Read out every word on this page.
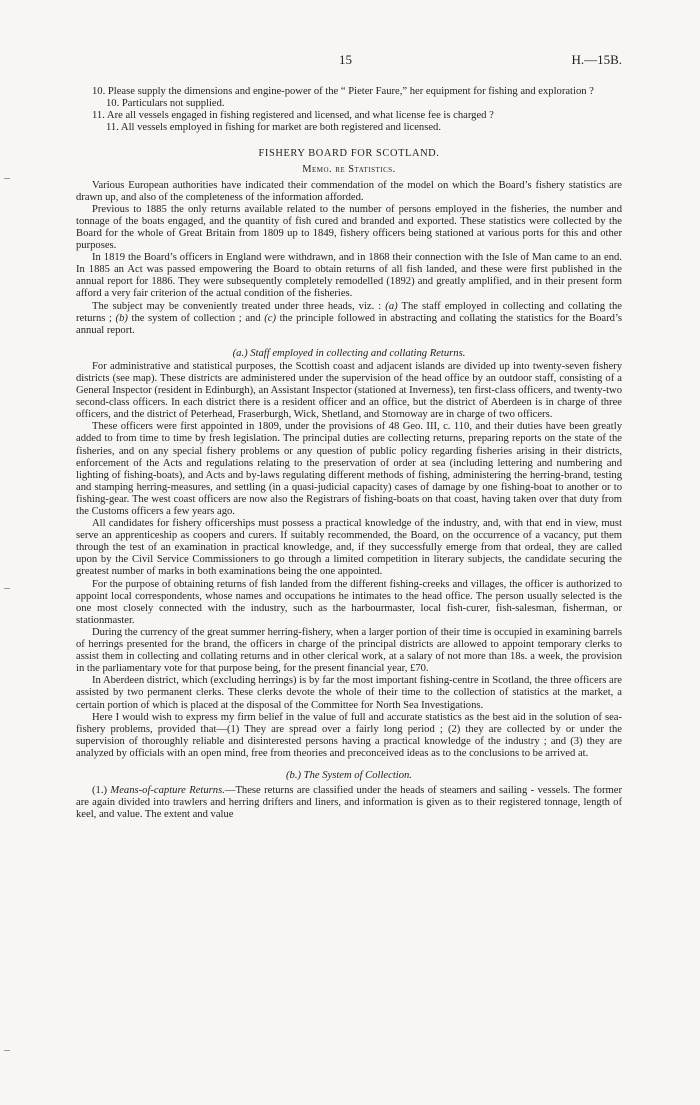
15	H.—15B.

10. Please supply the dimensions and engine-power of the “ Pieter Faure,” her equipment for fishing and exploration ?

10. Particulars not supplied.

11. Are all vessels engaged in fishing registered and licensed, and what license fee is charged ?

11. All vessels employed in fishing for market are both registered and licensed.

FISHERY BOARD FOR SCOTLAND.

Memo. re Statistics.

Various European authorities have indicated their commendation of the model on which the Board’s fishery statistics are drawn up, and also of the completeness of the information afforded.

Previous to 1885 the only returns available related to the number of persons employed in the fisheries, the number and tonnage of the boats engaged, and the quantity of fish cured and branded and exported. These statistics were collected by the Board for the whole of Great Britain from 1809 up to 1849, fishery officers being stationed at various ports for this and other purposes.

In 1819 the Board’s officers in England were withdrawn, and in 1868 their connection with the Isle of Man came to an end. In 1885 an Act was passed empowering the Board to obtain returns of all fish landed, and these were first published in the annual report for 1886. They were subsequently completely remodelled (1892) and greatly amplified, and in their present form afford a very fair criterion of the actual condition of the fisheries.

The subject may be conveniently treated under three heads, viz. : (a) The staff employed in collecting and collating the returns ; (b) the system of collection ; and (c) the principle followed in abstracting and collating the statistics for the Board’s annual report.

(a.) Staff employed in collecting and collating Returns.

For administrative and statistical purposes, the Scottish coast and adjacent islands are divided up into twenty-seven fishery districts (see map). These districts are administered under the supervision of the head office by an outdoor staff, consisting of a General Inspector (resident in Edinburgh), an Assistant Inspector (stationed at Inverness), ten first-class officers, and twenty-two second-class officers. In each district there is a resident officer and an office, but the district of Aberdeen is in charge of three officers, and the district of Peterhead, Fraserburgh, Wick, Shetland, and Stornoway are in charge of two officers.

These officers were first appointed in 1809, under the provisions of 48 Geo. III, c. 110, and their duties have been greatly added to from time to time by fresh legislation. The principal duties are collecting returns, preparing reports on the state of the fisheries, and on any special fishery problems or any question of public policy regarding fisheries arising in their districts, enforcement of the Acts and regulations relating to the preservation of order at sea (including lettering and numbering and lighting of fishing-boats), and Acts and by-laws regulating different methods of fishing, administering the herring-brand, testing and stamping herring-measures, and settling (in a quasi-judicial capacity) cases of damage by one fishing-boat to another or to fishing-gear. The west coast officers are now also the Registrars of fishing-boats on that coast, having taken over that duty from the Customs officers a few years ago.

All candidates for fishery officerships must possess a practical knowledge of the industry, and, with that end in view, must serve an apprenticeship as coopers and curers. If suitably recommended, the Board, on the occurrence of a vacancy, put them through the test of an examination in practical knowledge, and, if they successfully emerge from that ordeal, they are called upon by the Civil Service Commissioners to go through a limited competition in literary subjects, the candidate securing the greatest number of marks in both examinations being the one appointed.

For the purpose of obtaining returns of fish landed from the different fishing-creeks and villages, the officer is authorized to appoint local correspondents, whose names and occupations he intimates to the head office. The person usually selected is the one most closely connected with the industry, such as the harbourmaster, local fish-curer, fish-salesman, fisherman, or stationmaster.

During the currency of the great summer herring-fishery, when a larger portion of their time is occupied in examining barrels of herrings presented for the brand, the officers in charge of the principal districts are allowed to appoint temporary clerks to assist them in collecting and collating returns and in other clerical work, at a salary of not more than 18s. a week, the provision in the parliamentary vote for that purpose being, for the present financial year, £70.

In Aberdeen district, which (excluding herrings) is by far the most important fishing-centre in Scotland, the three officers are assisted by two permanent clerks. These clerks devote the whole of their time to the collection of statistics at the market, a certain portion of which is placed at the disposal of the Committee for North Sea Investigations.

Here I would wish to express my firm belief in the value of full and accurate statistics as the best aid in the solution of sea-fishery problems, provided that—(1) They are spread over a fairly long period ; (2) they are collected by or under the supervision of thoroughly reliable and disinterested persons having a practical knowledge of the industry ; and (3) they are analyzed by officials with an open mind, free from theories and preconceived ideas as to the conclusions to be arrived at.

(b.) The System of Collection.

(1.) Means-of-capture Returns.—These returns are classified under the heads of steamers and sailing - vessels. The former are again divided into trawlers and herring drifters and liners, and information is given as to their registered tonnage, length of keel, and value. The extent and value
